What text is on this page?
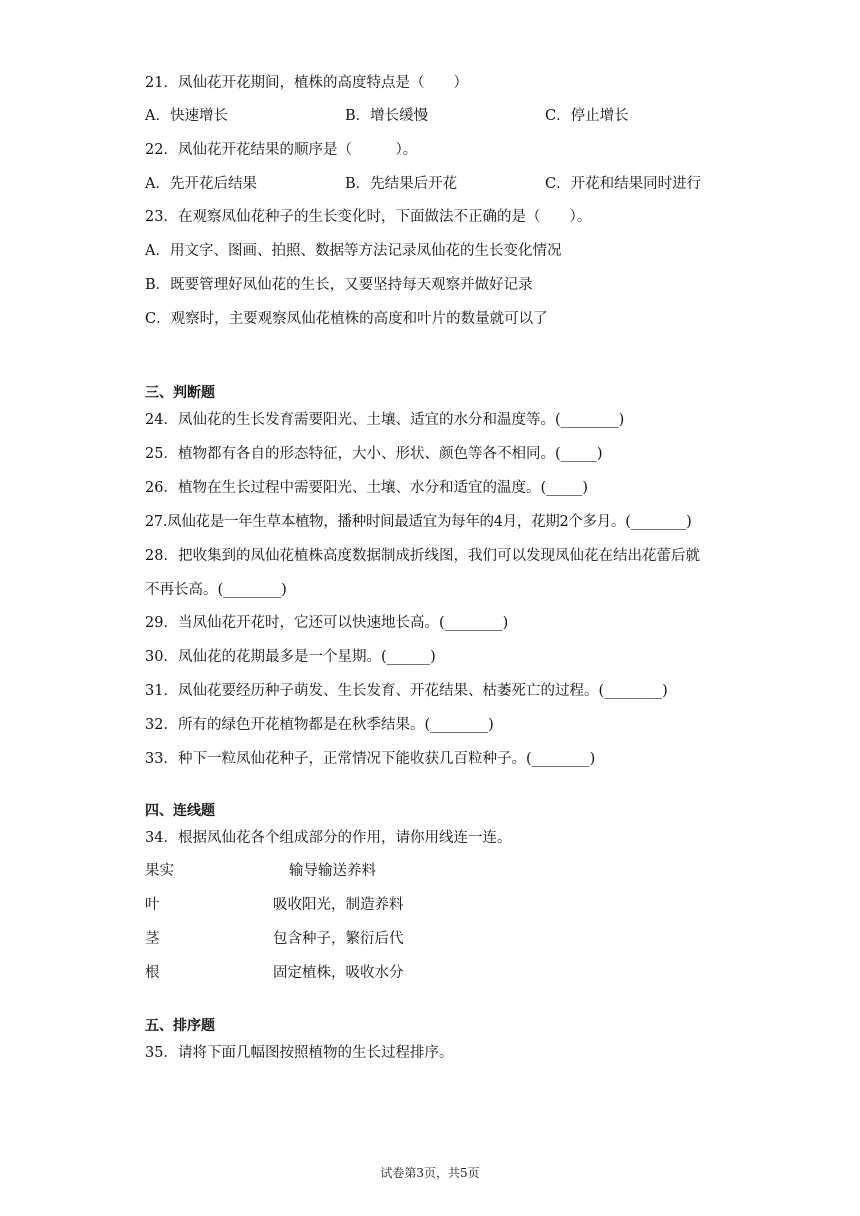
21．凤仙花开花期间，植株的高度特点是（　　）
A．快速增长	B．增长缓慢	C．停止增长
22．凤仙花开花结果的顺序是（　　　）。
A．先开花后结果	B．先结果后开花	C．开花和结果同时进行
23．在观察凤仙花种子的生长变化时，下面做法不正确的是（　　）。
A．用文字、图画、拍照、数据等方法记录凤仙花的生长变化情况
B．既要管理好凤仙花的生长，又要坚持每天观察并做好记录
C．观察时，主要观察凤仙花植株的高度和叶片的数量就可以了
三、判断题
24．凤仙花的生长发育需要阳光、土壤、适宜的水分和温度等。(________)
25．植物都有各自的形态特征，大小、形状、颜色等各不相同。(_____)
26．植物在生长过程中需要阳光、土壤、水分和适宜的温度。(_____)
27.凤仙花是一年生草本植物，播种时间最适宜为每年的4月，花期2个多月。(________)
28．把收集到的凤仙花植株高度数据制成折线图，我们可以发现凤仙花在结出花蕾后就
不再长高。(________)
29．当凤仙花开花时，它还可以快速地长高。(________)
30．凤仙花的花期最多是一个星期。(______)
31．凤仙花要经历种子萌发、生长发育、开花结果、枯萎死亡的过程。(________)
32．所有的绿色开花植物都是在秋季结果。(________)
33．种下一粒凤仙花种子，正常情况下能收获几百粒种子。(________)
四、连线题
34．根据凤仙花各个组成部分的作用，请你用线连一连。
果实	输导输送养料
叶	吸收阳光，制造养料
茎	包含种子，繁衍后代
根	固定植株，吸收水分
五、排序题
35．请将下面几幅图按照植物的生长过程排序。
试卷第3页，共5页
